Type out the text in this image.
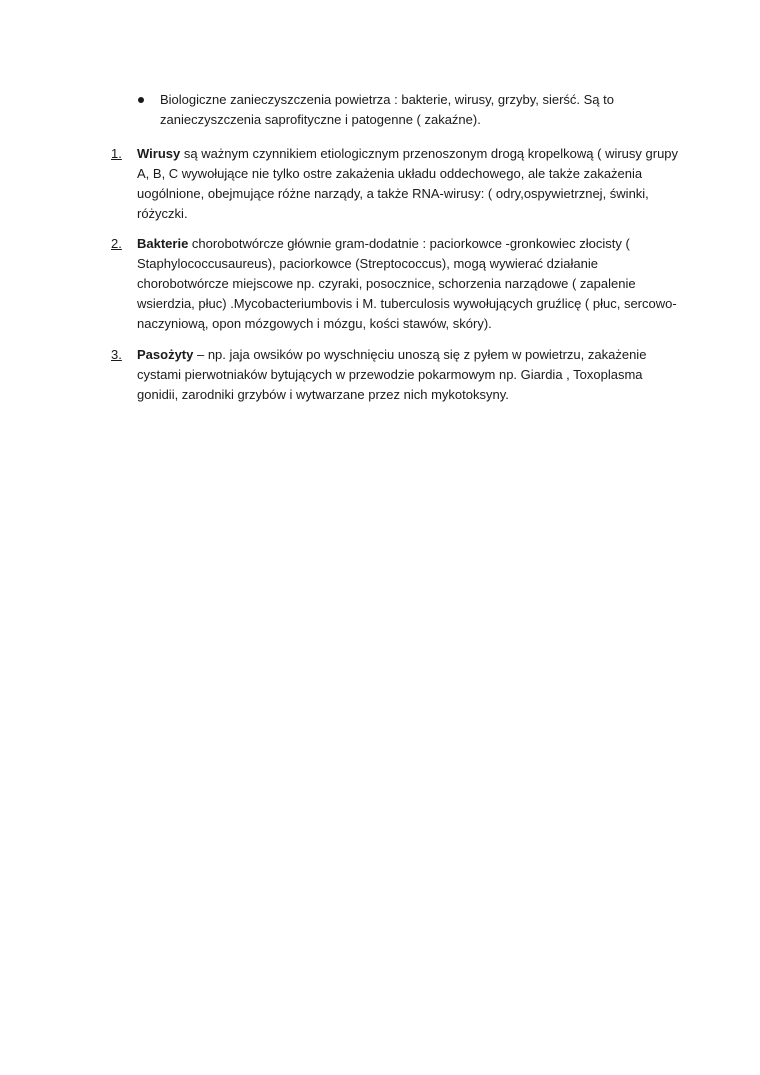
Biologiczne zanieczyszczenia powietrza : bakterie, wirusy, grzyby, sierść. Są to zanieczyszczenia saprofityczne i patogenne ( zakaźne).
1. Wirusy są ważnym czynnikiem etiologicznym przenoszonym drogą kropelkową ( wirusy grupy A, B, C wywołujące nie tylko ostre zakażenia układu oddechowego, ale także zakażenia uogólnione, obejmujące różne narządy, a także RNA-wirusy: ( odry,ospywietrznej, świnki, różyczki.
2. Bakterie chorobotwórcze głównie gram-dodatnie : paciorkowce -gronkowiec złocisty ( Staphylococcusaureus), paciorkowce (Streptococcus), mogą wywierać działanie chorobotwórcze miejscowe np. czyraki, posocznice, schorzenia narządowe ( zapalenie wsierdzia, płuc) .Mycobacteriumbovis i M. tuberculosis wywołujących gruźlicę ( płuc, sercowo- naczyniową, opon mózgowych i mózgu, kości stawów, skóry).
3. Pasożyty – np. jaja owsików po wyschnięciu unoszą się z pyłem w powietrzu, zakażenie cystami pierwotniaków bytujących w przewodzie pokarmowym np. Giardia , Toxoplasma gonidii, zarodniki grzybów i wytwarzane przez nich mykotoksyny.
